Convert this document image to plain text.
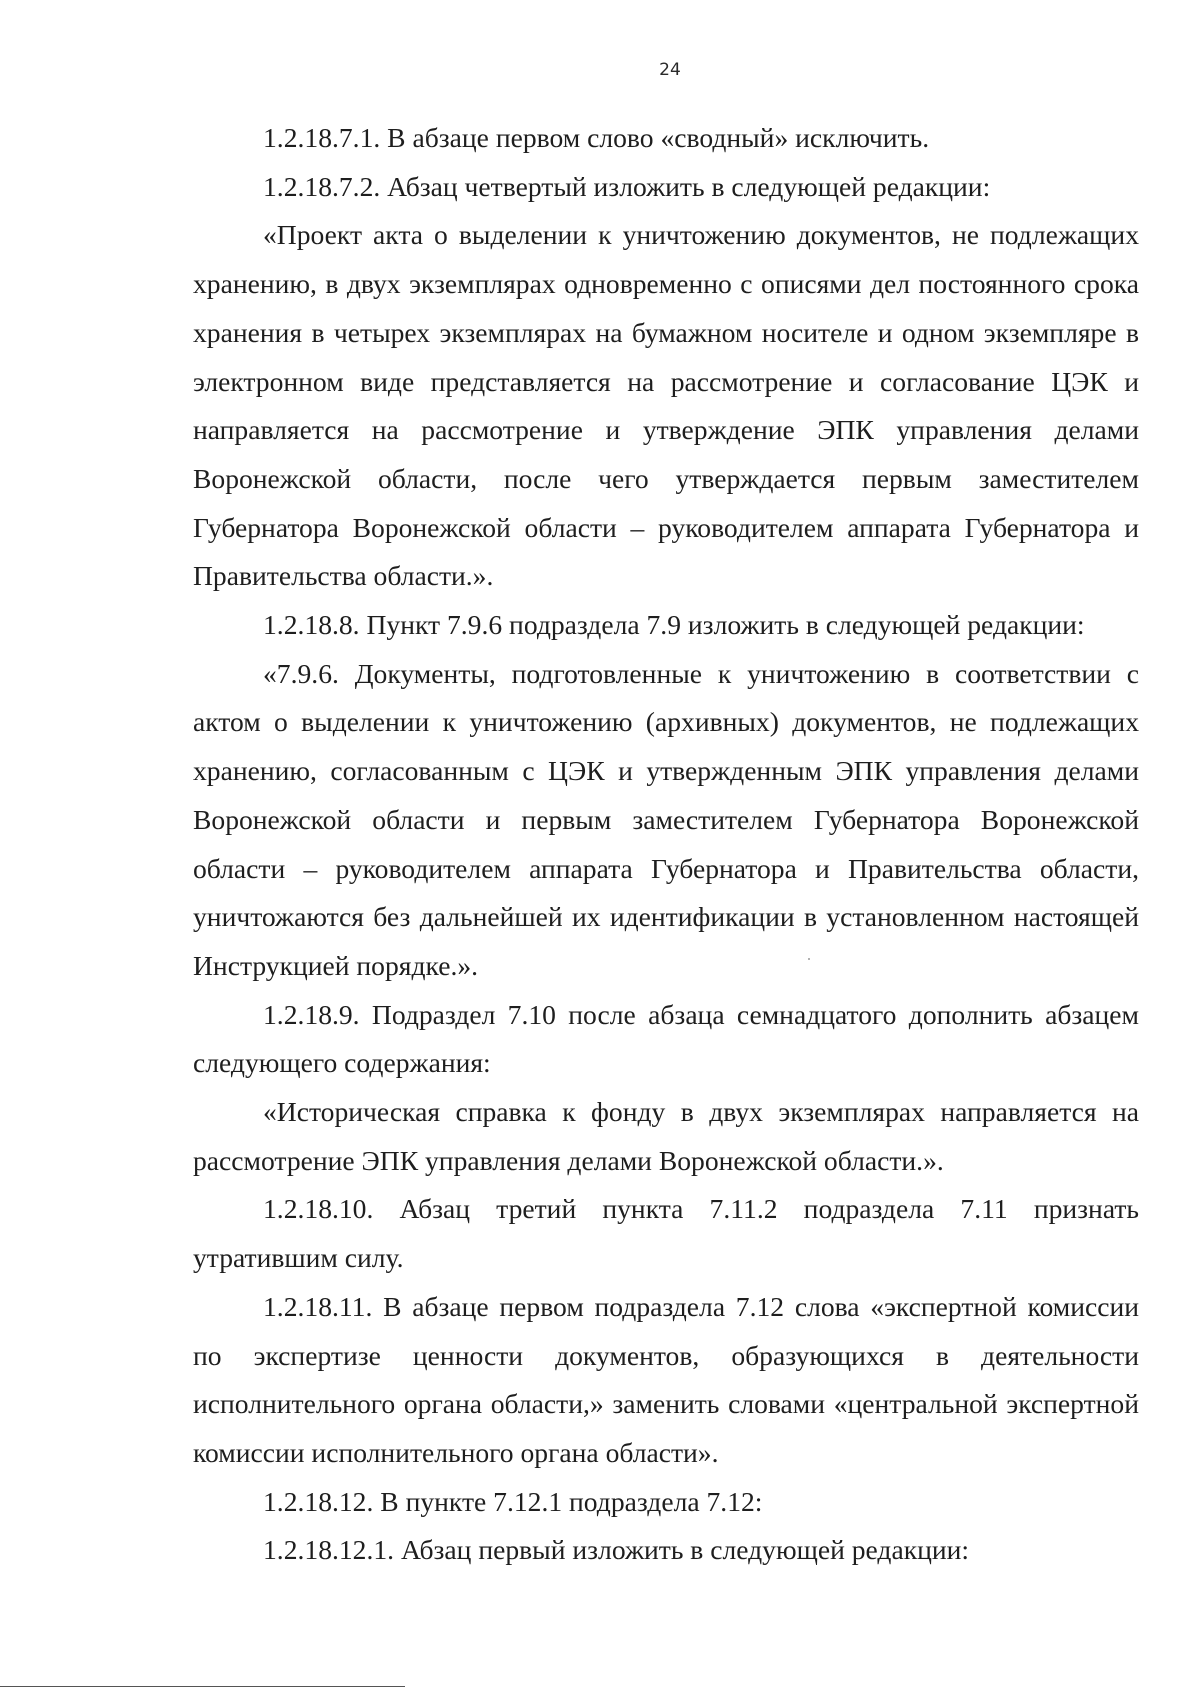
24

1.2.18.7.1. В абзаце первом слово «сводный» исключить.

1.2.18.7.2. Абзац четвертый изложить в следующей редакции:

«Проект акта о выделении к уничтожению документов, не подлежащих хранению, в двух экземплярах одновременно с описями дел постоянного срока хранения в четырех экземплярах на бумажном носителе и одном экземпляре в электронном виде представляется на рассмотрение и согласование ЦЭК и направляется на рассмотрение и утверждение ЭПК управления делами Воронежской области, после чего утверждается первым заместителем Губернатора Воронежской области – руководителем аппарата Губернатора и Правительства области.».

1.2.18.8. Пункт 7.9.6 подраздела 7.9 изложить в следующей редакции:

«7.9.6. Документы, подготовленные к уничтожению в соответствии с актом о выделении к уничтожению (архивных) документов, не подлежащих хранению, согласованным с ЦЭК и утвержденным ЭПК управления делами Воронежской области и первым заместителем Губернатора Воронежской области – руководителем аппарата Губернатора и Правительства области, уничтожаются без дальнейшей их идентификации в установленном настоящей Инструкцией порядке.».

1.2.18.9. Подраздел 7.10 после абзаца семнадцатого дополнить абзацем следующего содержания:

«Историческая справка к фонду в двух экземплярах направляется на рассмотрение ЭПК управления делами Воронежской области.».

1.2.18.10. Абзац третий пункта 7.11.2 подраздела 7.11 признать утратившим силу.

1.2.18.11. В абзаце первом подраздела 7.12 слова «экспертной комиссии по экспертизе ценности документов, образующихся в деятельности исполнительного органа области,» заменить словами «центральной экспертной комиссии исполнительного органа области».

1.2.18.12. В пункте 7.12.1 подраздела 7.12:

1.2.18.12.1. Абзац первый изложить в следующей редакции:
